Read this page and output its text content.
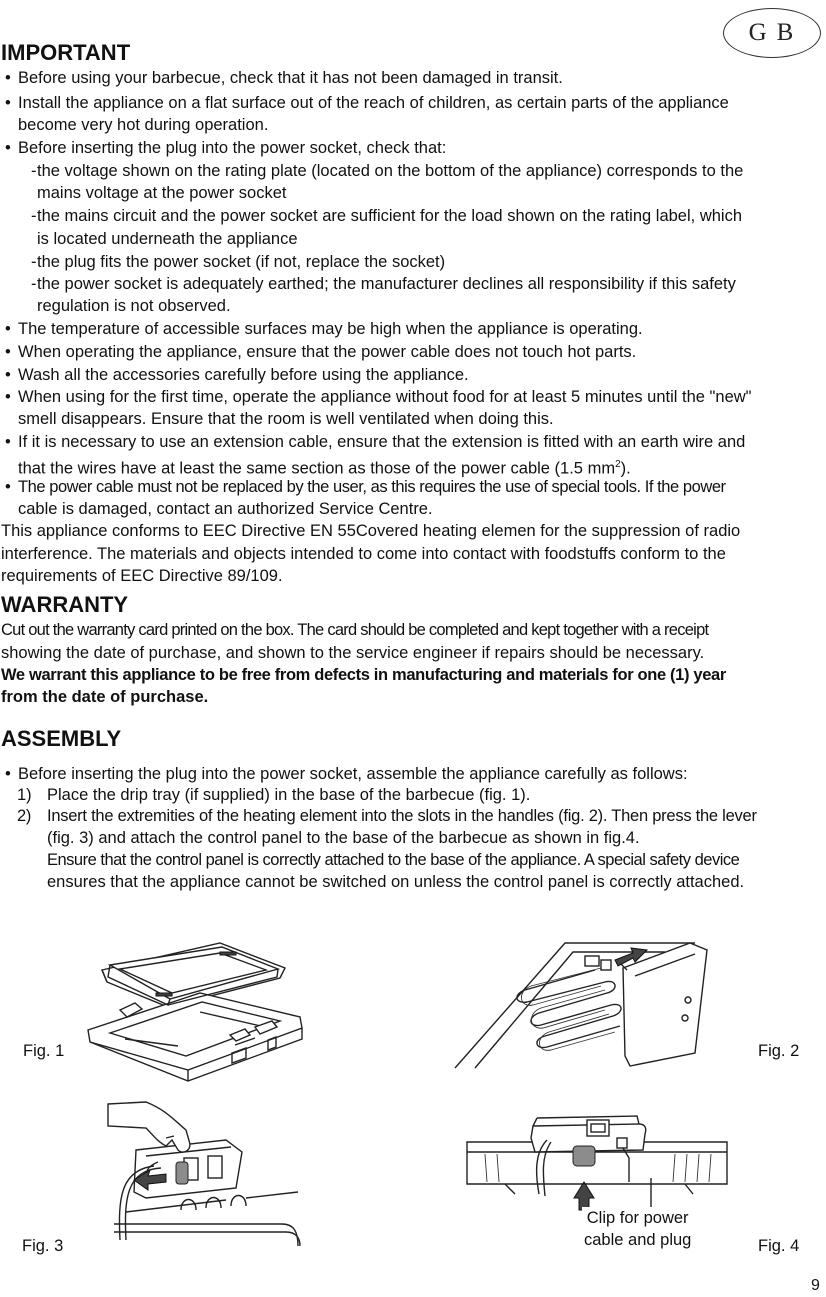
GB
IMPORTANT
• Before using your barbecue, check that it has not been damaged in transit.
• Install the appliance on a flat surface out of the reach of children, as certain parts of the appliance
become very hot during operation.
• Before inserting the plug into the power socket, check that:
- the voltage shown on the rating plate (located on the bottom of the appliance) corresponds to the
mains voltage at the power socket
- the mains circuit and the power socket are sufficient for the load shown on the rating label, which
is located underneath the appliance
- the plug fits the power socket (if not, replace the socket)
- the power socket is adequately earthed; the manufacturer declines all responsibility if this safety
regulation is not observed.
• The temperature of accessible surfaces may be high when the appliance is operating.
• When operating the appliance, ensure that the power cable does not touch hot parts.
• Wash all the accessories carefully before using the appliance.
• When using for the first time, operate the appliance without food for at least 5 minutes until the "new"
smell disappears. Ensure that the room is well ventilated when doing this.
• If it is necessary to use an extension cable, ensure that the extension is fitted with an earth wire and
that the wires have at least the same section as those of the power cable (1.5 $mm^2$).
• The power cable must not be replaced by the user, as this requires the use of special tools. If the power
cable is damaged, contact an authorized Service Centre.
This appliance conforms to EEC Directive EN 55Covered heating elemen for the suppression of radio
interference. The materials and objects intended to come into contact with foodstuffs conform to the
requirements of EEC Directive 89/109.
WARRANTY
Cut out the warranty card printed on the box. The card should be completed and kept together with a receipt
showing the date of purchase, and shown to the service engineer if repairs should be necessary.
We warrant this appliance to be free from defects in manufacturing and materials for one (1) year
from the date of purchase.
ASSEMBLY
• Before inserting the plug into the power socket, assemble the appliance carefully as follows:
1) Place the drip tray (if supplied) in the base of the barbecue (fig. 1).
2) Insert the extremities of the heating element into the slots in the handles (fig. 2). Then press the lever
(fig. 3) and attach the control panel to the base of the barbecue as shown in fig.4.
Ensure that the control panel is correctly attached to the base of the appliance. A special safety device
ensures that the appliance cannot be switched on unless the control panel is correctly attached.
Fig. 1	Fig. 2
Fig. 3
Clip for power
cable and plug	Fig. 4
9
